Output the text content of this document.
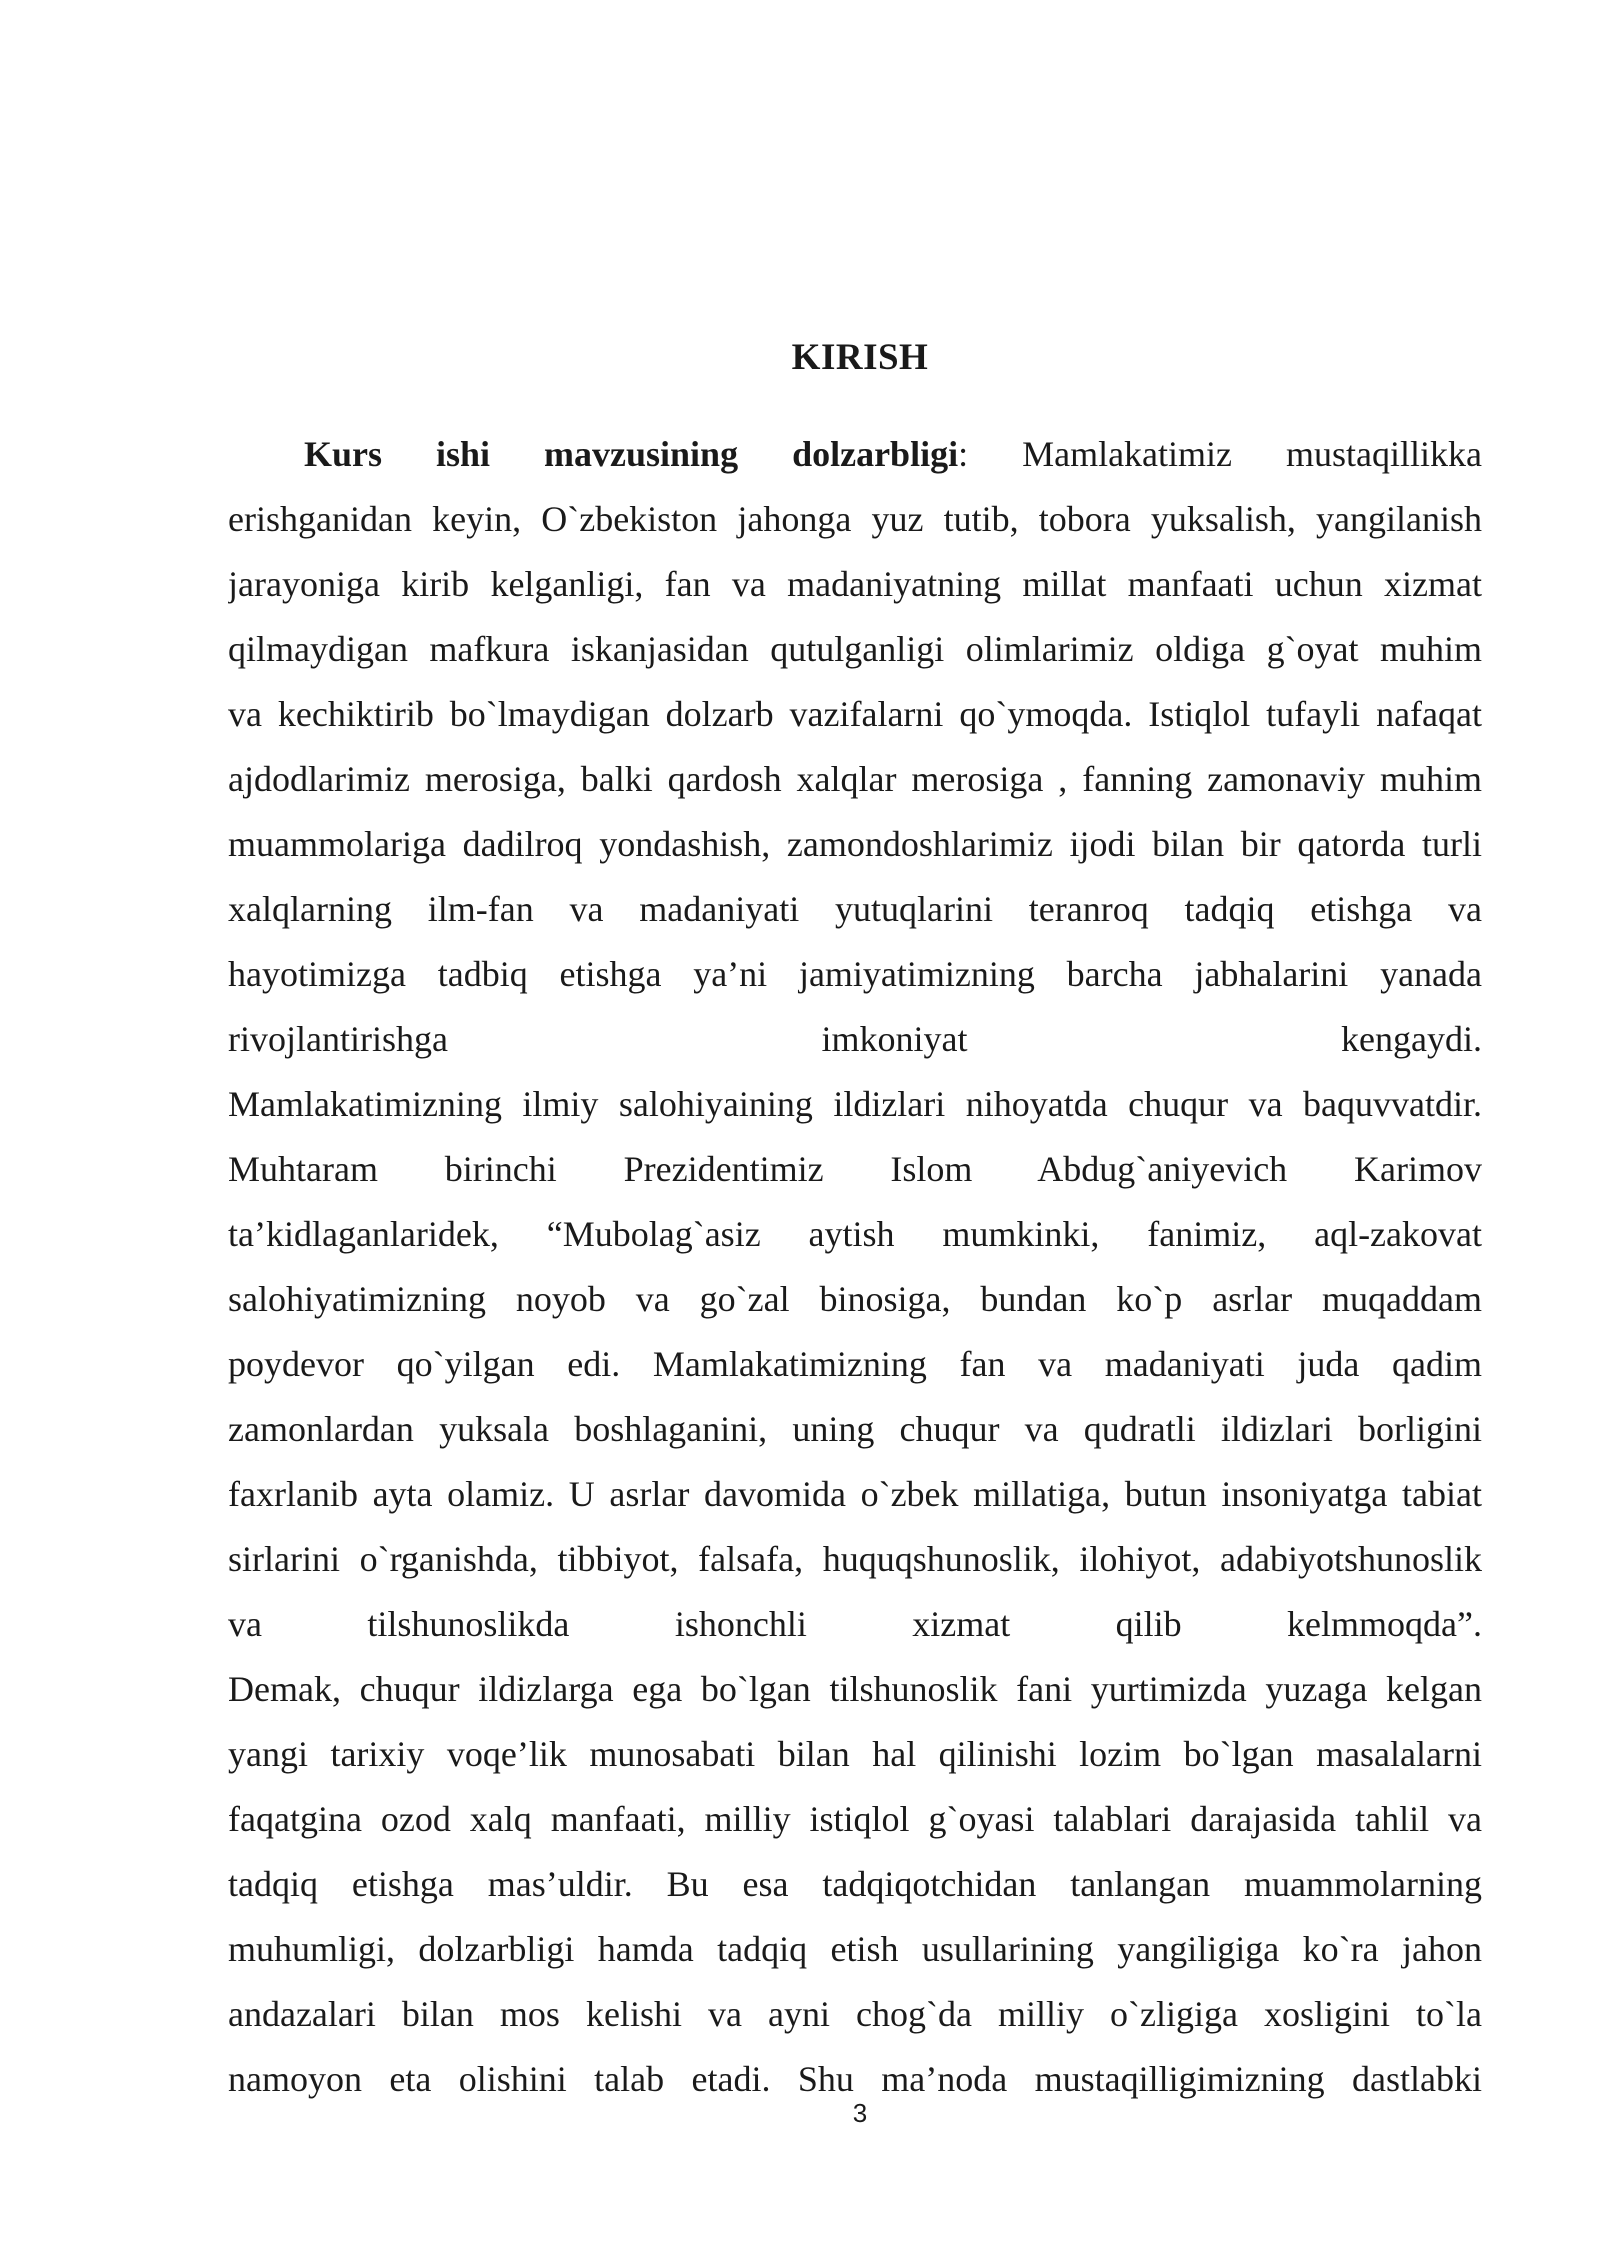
KIRISH
Kurs ishi mavzusining dolzarbligi: Mamlakatimiz mustaqillikka
erishganidan keyin, O`zbekiston jahonga yuz tutib, tobora yuksalish, yangilanish
jarayoniga kirib kelganligi, fan va madaniyatning millat manfaati uchun xizmat
qilmaydigan mafkura iskanjasidan qutulganligi olimlarimiz oldiga g`oyat muhim
va kechiktirib bo`lmaydigan dolzarb vazifalarni qo`ymoqda. Istiqlol tufayli nafaqat
ajdodlarimiz merosiga, balki qardosh xalqlar merosiga , fanning zamonaviy muhim
muammolariga dadilroq yondashish, zamondoshlarimiz ijodi bilan bir qatorda turli
xalqlarning ilm-fan va madaniyati yutuqlarini teranroq tadqiq etishga va
hayotimizga tadbiq etishga ya’ni jamiyatimizning barcha jabhalarini yanada
rivojlantirishga imkoniyat kengaydi.
Mamlakatimizning ilmiy salohiyaining ildizlari nihoyatda chuqur va baquvvatdir.
Muhtaram birinchi Prezidentimiz Islom Abdug`aniyevich Karimov
ta’kidlaganlaridek, “Mubolag`asiz aytish mumkinki, fanimiz, aql-zakovat
salohiyatimizning noyob va go`zal binosiga, bundan ko`p asrlar muqaddam
poydevor qo`yilgan edi. Mamlakatimizning fan va madaniyati juda qadim
zamonlardan yuksala boshlaganini, uning chuqur va qudratli ildizlari borligini
faxrlanib ayta olamiz. U asrlar davomida o`zbek millatiga, butun insoniyatga tabiat
sirlarini o`rganishda, tibbiyot, falsafa, huquqshunoslik, ilohiyot, adabiyotshunoslik
va tilshunoslikda ishonchli xizmat qilib kelmmoqda”.
Demak, chuqur ildizlarga ega bo`lgan tilshunoslik fani yurtimizda yuzaga kelgan
yangi tarixiy voqe’lik munosabati bilan hal qilinishi lozim bo`lgan masalalarni
faqatgina ozod xalq manfaati, milliy istiqlol g`oyasi talablari darajasida tahlil va
tadqiq etishga mas’uldir. Bu esa tadqiqotchidan tanlangan muammolarning
muhumligi, dolzarbligi hamda tadqiq etish usullarining yangiligiga ko`ra jahon
andazalari bilan mos kelishi va ayni chog`da milliy o`zligiga xosligini to`la
namoyon eta olishini talab etadi. Shu ma’noda mustaqilligimizning dastlabki

3
